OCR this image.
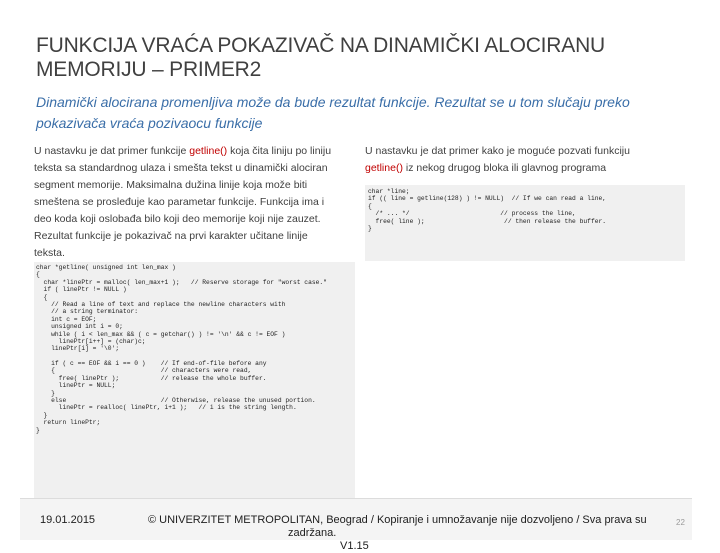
FUNKCIJA VRAĆA POKAZIVAČ NA DINAMIČKI ALOCIRANU
MEMORIJU – PRIMER2
Dinamički alocirana promenljiva može da bude rezultat funkcije. Rezultat se u tom slučaju preko
pokazivača vraća pozivaocu funkcije
U nastavku je dat primer funkcije getline() koja čita liniju po liniju
teksta sa standardnog ulaza i smešta tekst u dinamički alociran
segment memorije. Maksimalna dužina linije koja može biti
smeštena se prosleđuje kao parametar funkcije. Funkcija ima i
deo koda koji oslobađa bilo koji deo memorije koji nije zauzet.
Rezultat funkcije je pokazivač na prvi karakter učitane linije
teksta.
U nastavku je dat primer kako je moguće pozvati funkciju
getline() iz nekog drugog bloka ili glavnog programa
char *line;
if (( line = getline(128) ) != NULL)  // If we can read a line,
{
/* ... */                        // process the line,
free( line );                     // then release the buffer.
}
char *getline( unsigned int len_max )
{
char *linePtr = malloc( len_max+1 );   // Reserve storage for "worst case."
if ( linePtr != NULL )
{
// Read a line of text and replace the newline characters with
// a string terminator:
int c = EOF;
unsigned int i = 0;
while ( i < len_max && ( c = getchar() ) != '\n' && c != EOF )
linePtr[i++] = (char)c;
linePtr[i] = '\0';
if ( c == EOF && i == 0 )    // If end-of-file before any
{                            // characters were read,
free( linePtr );           // release the whole buffer.
linePtr = NULL;
}
else                         // Otherwise, release the unused portion.
linePtr = realloc( linePtr, i+1 );   // i is the string length.
}
return linePtr;
}
19.01.2015	© UNIVERZITET METROPOLITAN, Beograd / Kopiranje i umnožavanje nije dozvoljeno / Sva prava su
zadržana.
V1.15
22
